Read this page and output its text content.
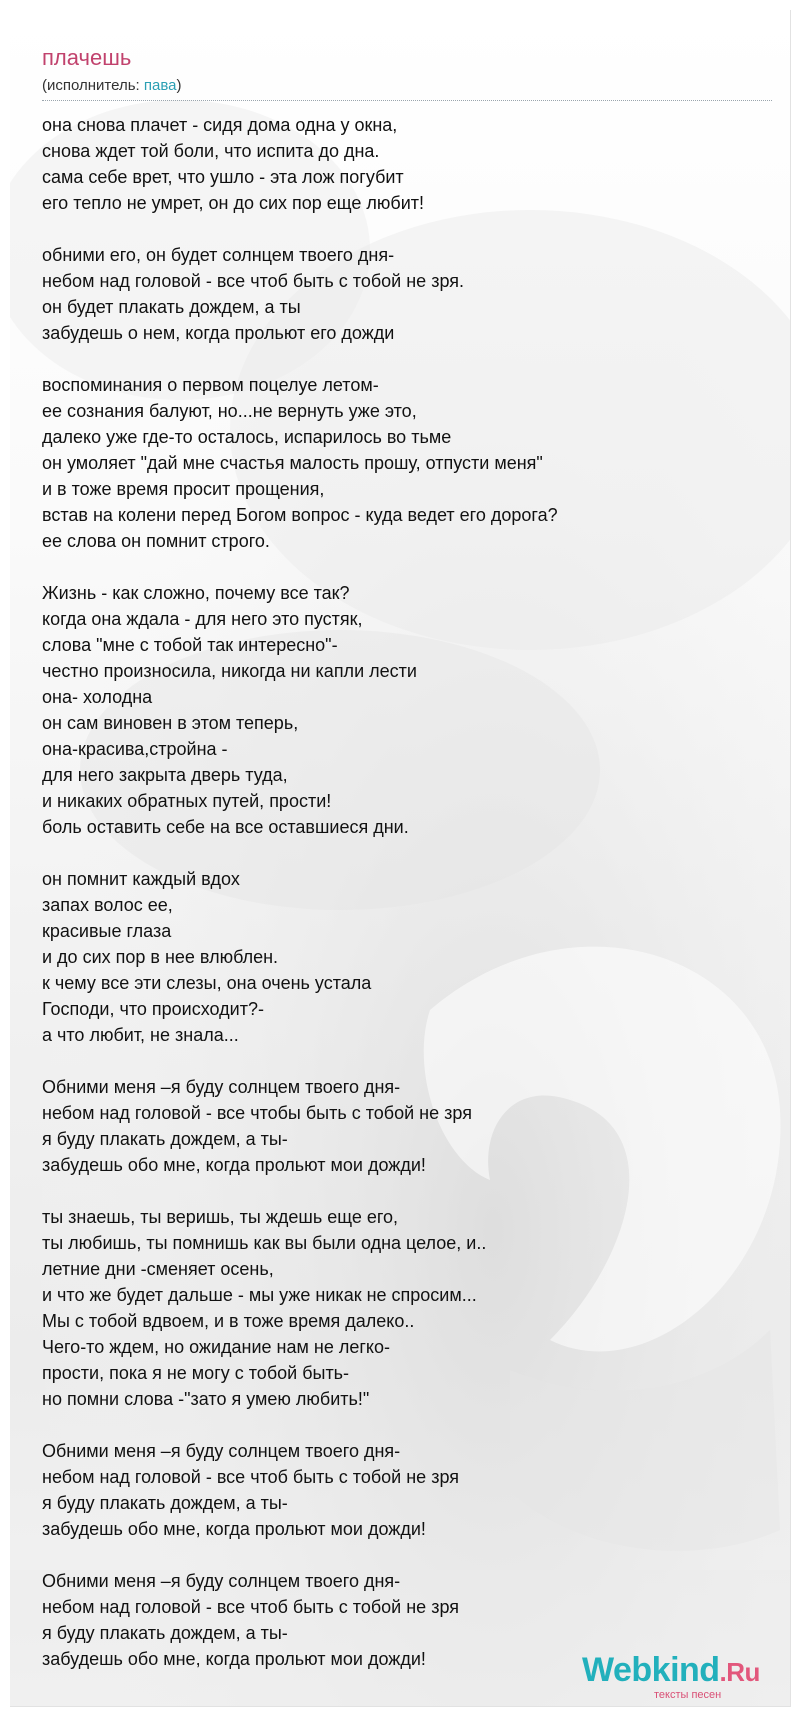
плачешь
(исполнитель: пава)
она снова плачет - сидя дома одна у окна,
снова ждет той боли, что испита до дна.
сама себе врет, что ушло - эта лож погубит
его тепло не умрет, он до сих пор еще любит!
обними его, он будет солнцем твоего дня-
небом над головой - все чтоб быть с тобой не зря.
он будет плакать дождем, а ты
забудешь о нем, когда прольют его дожди
воспоминания о первом поцелуе летом-
ее сознания балуют, но...не вернуть уже это,
далеко уже где-то осталось, испарилось во тьме
он умоляет "дай мне счастья малость прошу, отпусти меня"
и в тоже время просит прощения,
встав на колени перед Богом вопрос - куда ведет его дорога?
ее слова он помнит строго.
Жизнь - как сложно, почему все так?
когда она ждала - для него это пустяк,
слова "мне с тобой так интересно"-
честно произносила, никогда ни капли лести
она- холодна
он сам виновен в этом теперь,
она-красива,стройна -
для него закрыта дверь туда,
и никаких обратных путей, прости!
боль оставить себе на все оставшиеся дни.
он помнит каждый вдох
запах волос ее,
красивые глаза
и до сих пор в нее влюблен.
к чему все эти слезы, она очень устала
Господи, что происходит?-
а что любит, не знала...
Обними меня –я буду солнцем твоего дня-
небом над головой - все чтобы быть с тобой не зря
я буду плакать дождем, а ты-
забудешь обо мне, когда прольют мои дожди!
ты знаешь, ты веришь, ты ждешь еще его,
ты любишь, ты помнишь как вы были одна целое, и..
летние дни -сменяет осень,
и что же будет дальше - мы уже никак не спросим...
Мы с тобой вдвоем, и в тоже время далеко..
Чего-то ждем, но ожидание нам не легко-
прости, пока я не могу с тобой быть-
но помни слова -"зато я умею любить!"
Обними меня –я буду солнцем твоего дня-
небом над головой - все чтоб быть с тобой не зря
я буду плакать дождем, а ты-
забудешь обо мне, когда прольют мои дожди!
Обними меня –я буду солнцем твоего дня-
небом над головой - все чтоб быть с тобой не зря
я буду плакать дождем, а ты-
забудешь обо мне, когда прольют мои дожди!	Webkind.Ru
тексты песен
